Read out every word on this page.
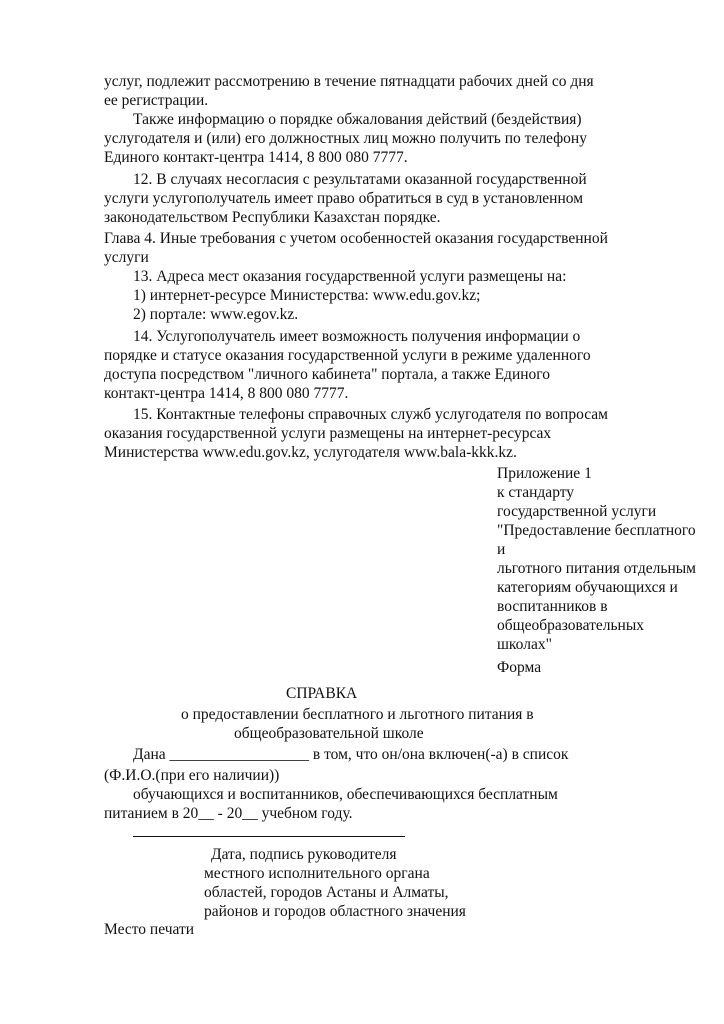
услуг, подлежит рассмотрению в течение пятнадцати рабочих дней со дня
ее регистрации.
Также информацию о порядке обжалования действий (бездействия)
услугодателя и (или) его должностных лиц можно получить по телефону
Единого контакт-центра 1414, 8 800 080 7777.
12. В случаях несогласия с результатами оказанной государственной
услуги услугополучатель имеет право обратиться в суд в установленном
законодательством Республики Казахстан порядке.
Глава 4. Иные требования с учетом особенностей оказания государственной
услуги
13. Адреса мест оказания государственной услуги размещены на:
1) интернет-ресурсе Министерства: www.edu.gov.kz;
2) портале: www.egov.kz.
14. Услугополучатель имеет возможность получения информации о
порядке и статусе оказания государственной услуги в режиме удаленного
доступа посредством "личного кабинета" портала, а также Единого
контакт-центра 1414, 8 800 080 7777.
15. Контактные телефоны справочных служб услугодателя по вопросам
оказания государственной услуги размещены на интернет-ресурсах
Министерства www.edu.gov.kz, услугодателя www.bala-kkk.kz.
Приложение 1
к стандарту
государственной услуги
"Предоставление бесплатного
и
льготного питания отдельным
категориям обучающихся и
воспитанников в
общеобразовательных
школах"
Форма
СПРАВКА
о предоставлении бесплатного и льготного питания в
общеобразовательной школе
Дана __________________ в том, что он/она включен(-а) в список
(Ф.И.О.(при его наличии))
обучающихся и воспитанников, обеспечивающихся бесплатным
питанием в 20__ - 20__ учебном году.
Дата, подпись руководителя
местного исполнительного органа
областей, городов Астаны и Алматы,
районов и городов областного значения
Место печати
